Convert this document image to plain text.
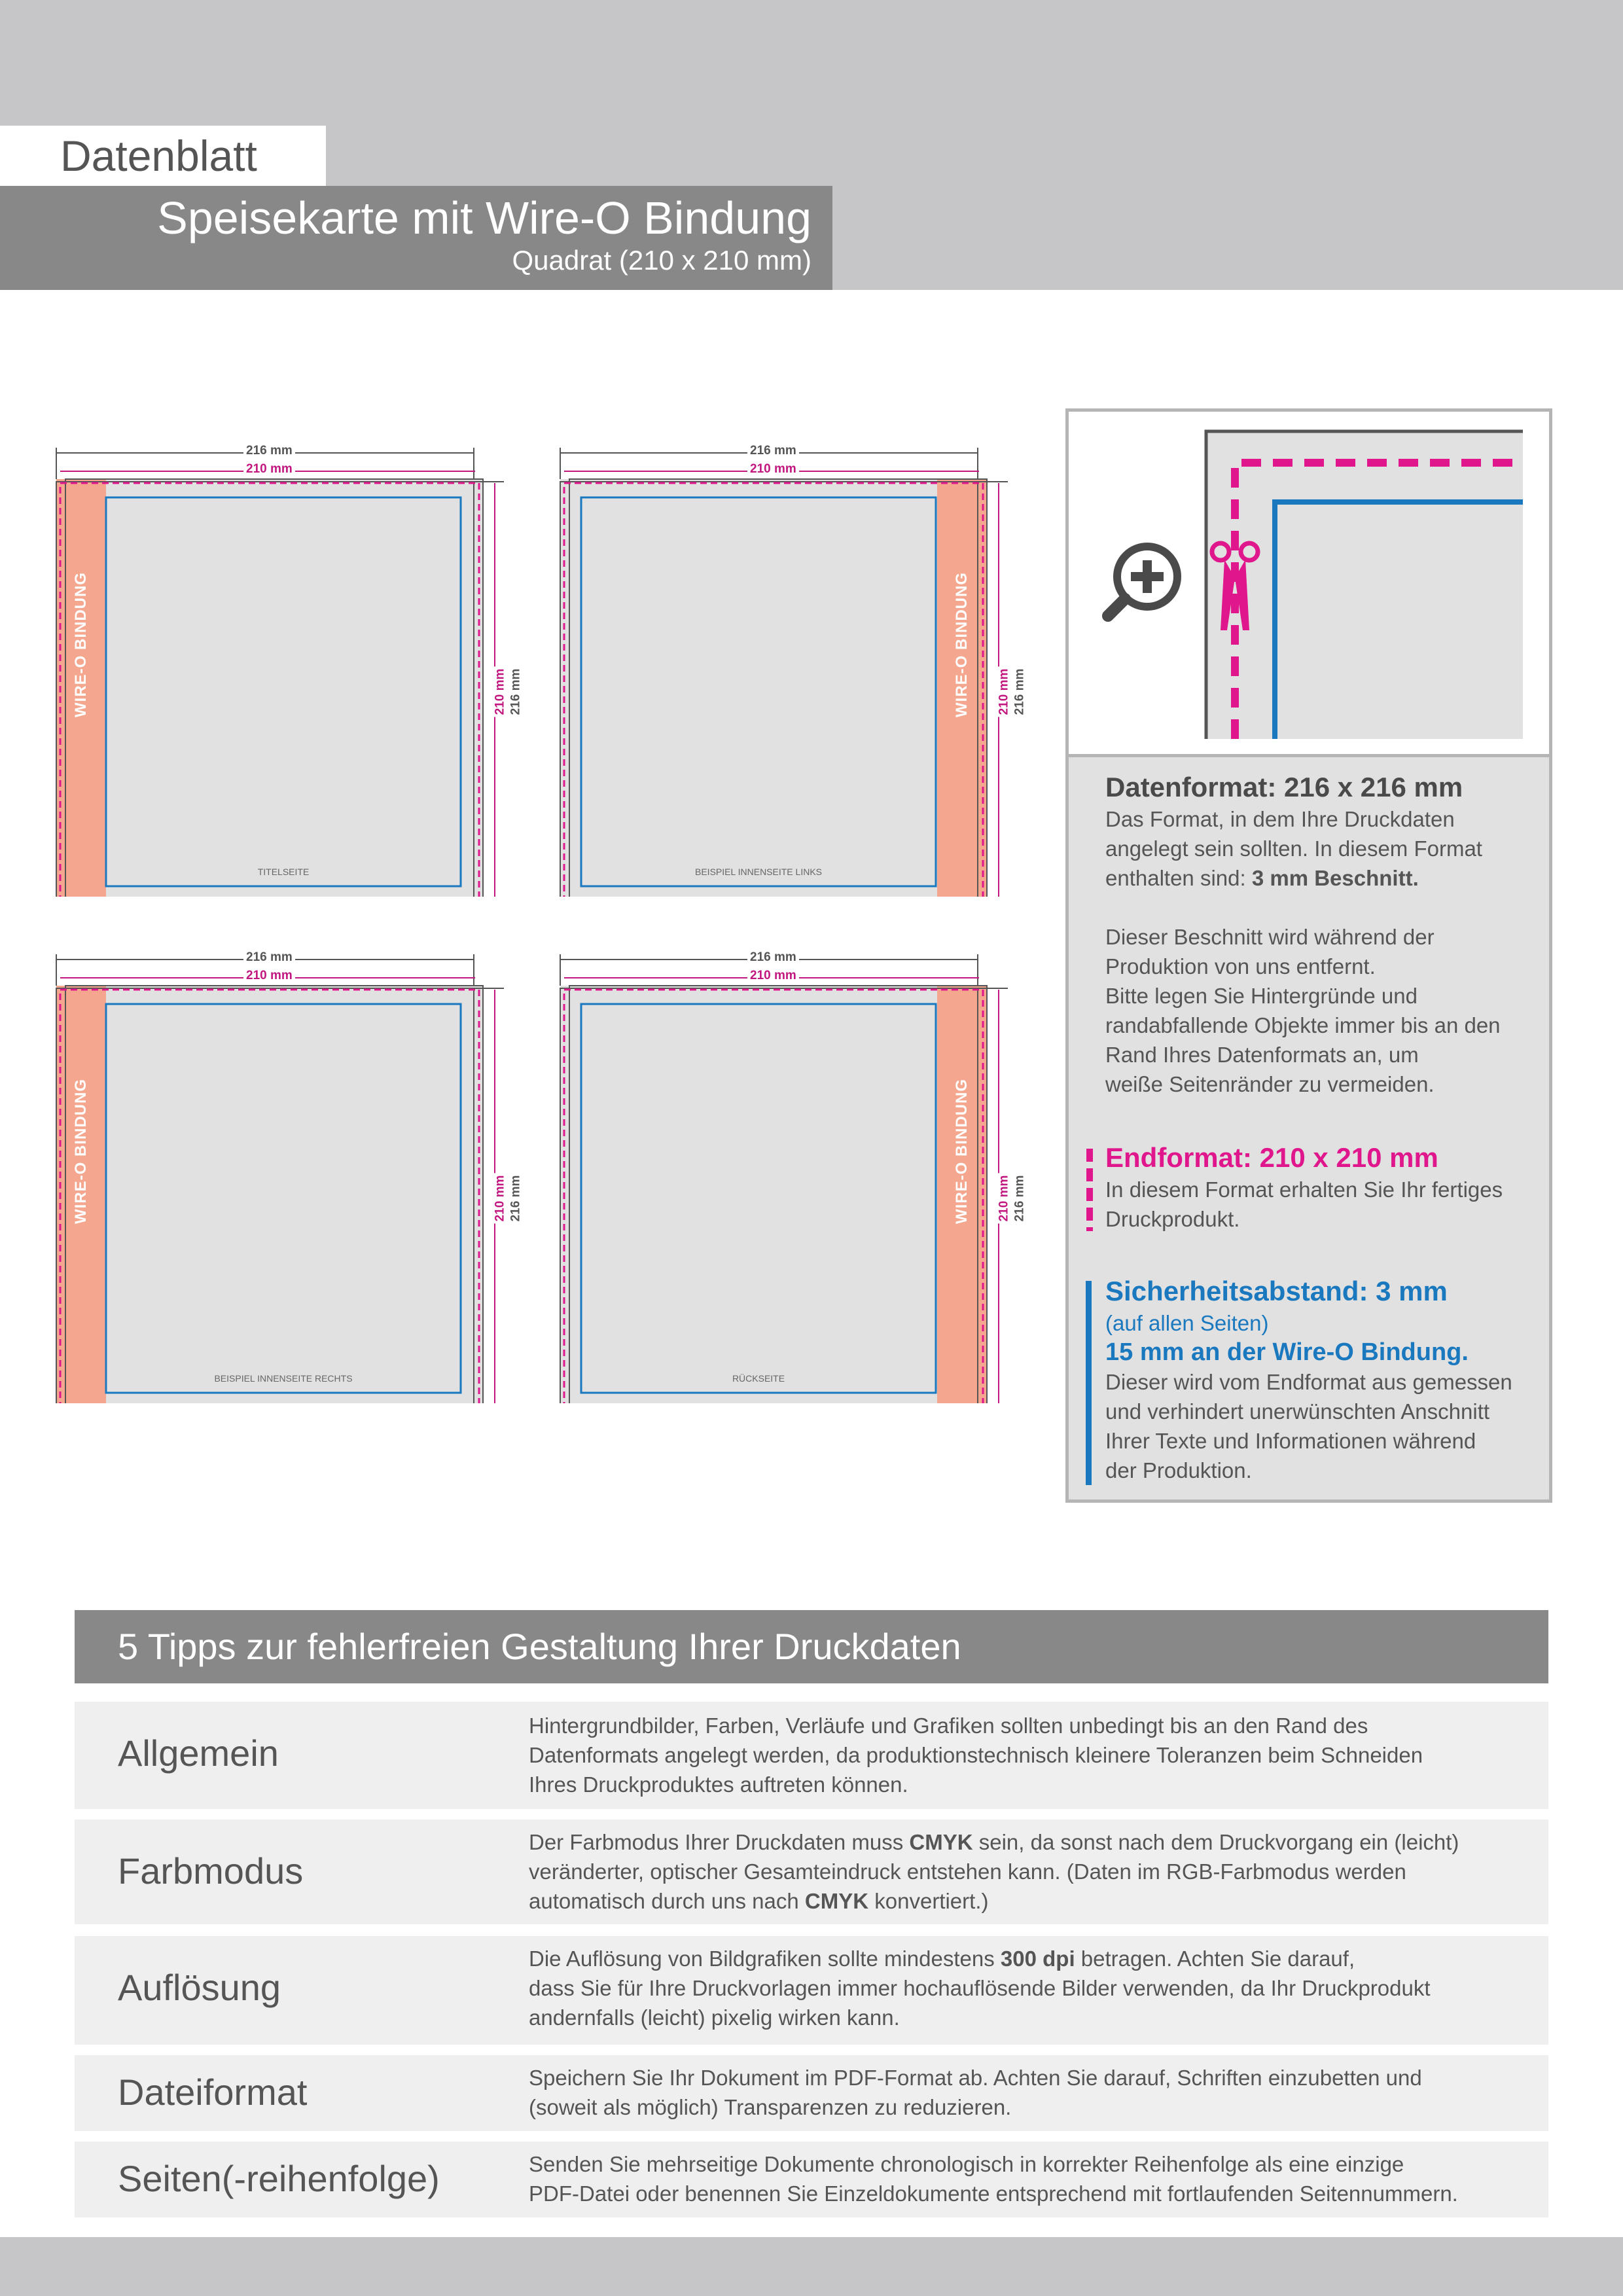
Datenblatt
Speisekarte mit Wire-O Bindung
Quadrat (210 x 210 mm)
216 mm
210 mm
210 mm 216 mm
WIRE-O BINDUNG
TITELSEITE
216 mm
210 mm
210 mm 216 mm
WIRE-O BINDUNG
BEISPIEL INNENSEITE LINKS
216 mm
210 mm
210 mm 216 mm
WIRE-O BINDUNG
BEISPIEL INNENSEITE RECHTS
216 mm
210 mm
210 mm 216 mm
WIRE-O BINDUNG
RÜCKSEITE
Datenformat: 216 x 216 mm
Das Format, in dem Ihre Druckdaten
angelegt sein sollten. In diesem Format
enthalten sind: 3 mm Beschnitt.
Dieser Beschnitt wird während der
Produktion von uns entfernt.
Bitte legen Sie Hintergründe und
randabfallende Objekte immer bis an den
Rand Ihres Datenformats an, um
weiße Seitenränder zu vermeiden.
Endformat: 210 x 210 mm
In diesem Format erhalten Sie Ihr fertiges
Druckprodukt.
Sicherheitsabstand: 3 mm
(auf allen Seiten)
15 mm an der Wire-O Bindung.
Dieser wird vom Endformat aus gemessen
und verhindert unerwünschten Anschnitt
Ihrer Texte und Informationen während
der Produktion.
5 Tipps zur fehlerfreien Gestaltung Ihrer Druckdaten
Allgemein
Hintergrundbilder, Farben, Verläufe und Grafiken sollten unbedingt bis an den Rand des
Datenformats angelegt werden, da produktionstechnisch kleinere Toleranzen beim Schneiden
Ihres Druckproduktes auftreten können.
Farbmodus
Der Farbmodus Ihrer Druckdaten muss CMYK sein, da sonst nach dem Druckvorgang ein (leicht)
veränderter, optischer Gesamteindruck entstehen kann. (Daten im RGB-Farbmodus werden
automatisch durch uns nach CMYK konvertiert.)
Auflösung
Die Auflösung von Bildgrafiken sollte mindestens 300 dpi betragen. Achten Sie darauf,
dass Sie für Ihre Druckvorlagen immer hochauflösende Bilder verwenden, da Ihr Druckprodukt
andernfalls (leicht) pixelig wirken kann.
Dateiformat	Speichern Sie Ihr Dokument im PDF-Format ab. Achten Sie darauf, Schriften einzubetten und
(soweit als möglich) Transparenzen zu reduzieren.
Seiten(-reihenfolge)	Senden Sie mehrseitige Dokumente chronologisch in korrekter Reihenfolge als eine einzige
PDF-Datei oder benennen Sie Einzeldokumente entsprechend mit fortlaufenden Seitennummern.
